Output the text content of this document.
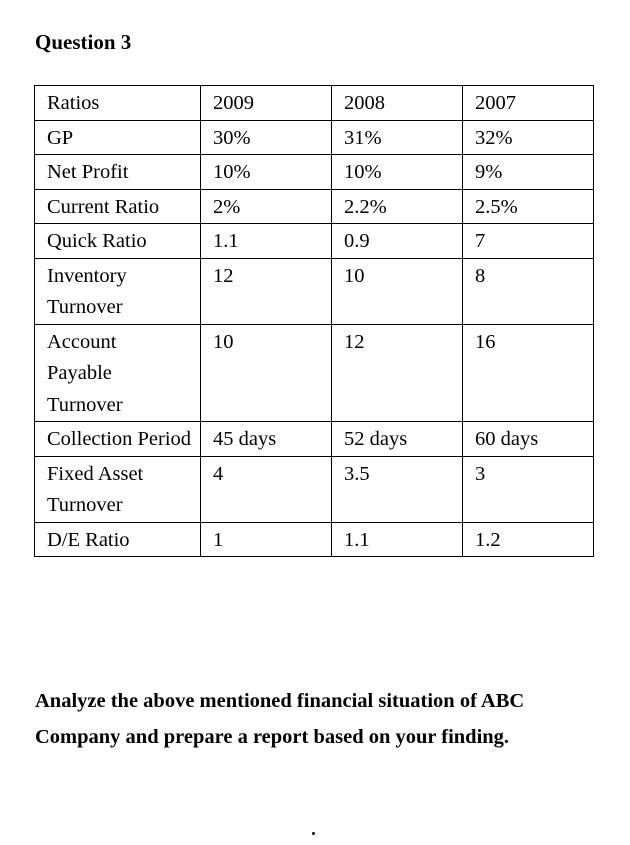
Question 3
Ratios	2009	2008	2007
GP	30%	31%	32%
Net Profit	10%	10%	9%
Current Ratio	2%	2.2%	2.5%
Quick Ratio	1.1	0.9	7
Inventory Turnover	12	10	8
Account Payable Turnover	10	12	16
Collection Period	45 days	52 days	60 days
Fixed Asset Turnover	4	3.5	3
D/E Ratio	1	1.1	1.2

Analyze the above mentioned financial situation of ABC Company and prepare a report based on your finding.
